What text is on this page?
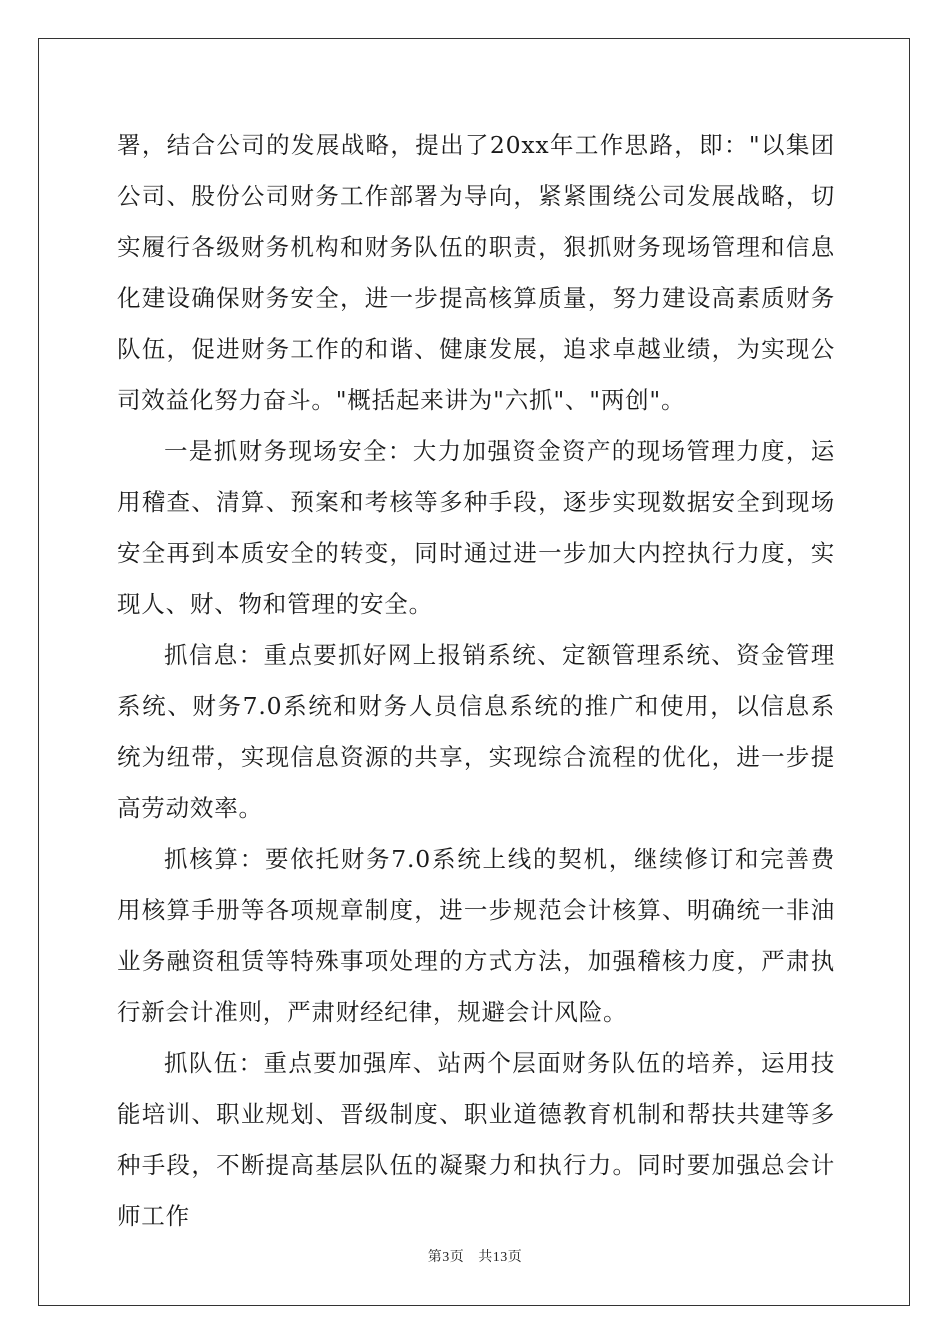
署，结合公司的发展战略，提出了20xx年工作思路，即："以集团公司、股份公司财务工作部署为导向，紧紧围绕公司发展战略，切实履行各级财务机构和财务队伍的职责，狠抓财务现场管理和信息化建设确保财务安全，进一步提高核算质量，努力建设高素质财务队伍，促进财务工作的和谐、健康发展，追求卓越业绩，为实现公司效益化努力奋斗。"概括起来讲为"六抓"、"两创"。

一是抓财务现场安全：大力加强资金资产的现场管理力度，运用稽查、清算、预案和考核等多种手段，逐步实现数据安全到现场安全再到本质安全的转变，同时通过进一步加大内控执行力度，实现人、财、物和管理的安全。

抓信息：重点要抓好网上报销系统、定额管理系统、资金管理系统、财务7.0系统和财务人员信息系统的推广和使用，以信息系统为纽带，实现信息资源的共享，实现综合流程的优化，进一步提高劳动效率。

抓核算：要依托财务7.0系统上线的契机，继续修订和完善费用核算手册等各项规章制度，进一步规范会计核算、明确统一非油业务融资租赁等特殊事项处理的方式方法，加强稽核力度，严肃执行新会计准则，严肃财经纪律，规避会计风险。

抓队伍：重点要加强库、站两个层面财务队伍的培养，运用技能培训、职业规划、晋级制度、职业道德教育机制和帮扶共建等多种手段，不断提高基层队伍的凝聚力和执行力。同时要加强总会计师工作

第3页 共13页
